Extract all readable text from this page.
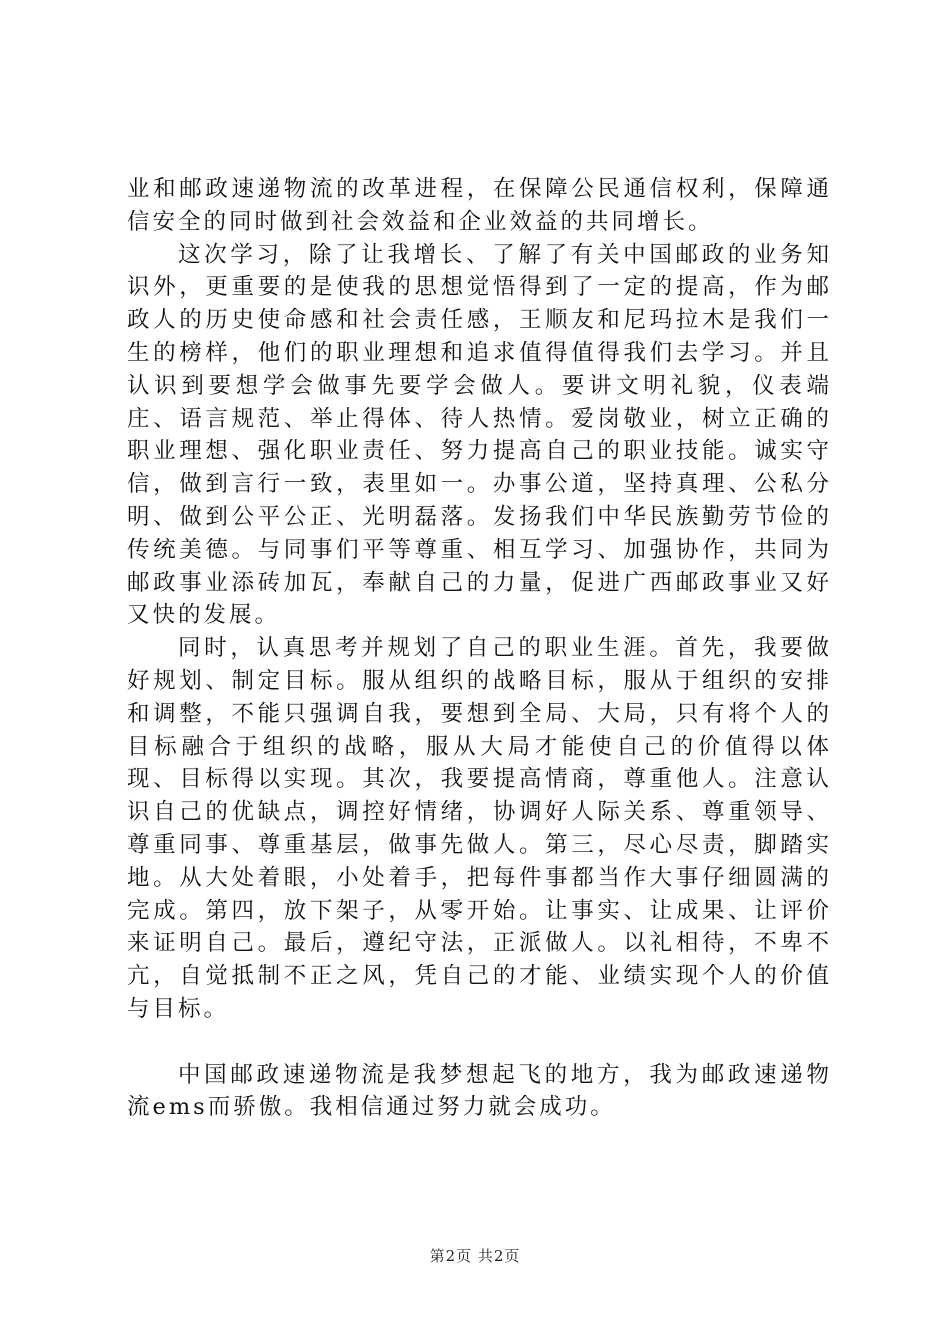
业和邮政速递物流的改革进程，在保障公民通信权利，保障通信安全的同时做到社会效益和企业效益的共同增长。

这次学习，除了让我增长、了解了有关中国邮政的业务知识外，更重要的是使我的思想觉悟得到了一定的提高，作为邮政人的历史使命感和社会责任感，王顺友和尼玛拉木是我们一生的榜样，他们的职业理想和追求值得值得我们去学习。并且认识到要想学会做事先要学会做人。要讲文明礼貌，仪表端庄、语言规范、举止得体、待人热情。爱岗敬业，树立正确的职业理想、强化职业责任、努力提高自己的职业技能。诚实守信，做到言行一致，表里如一。办事公道，坚持真理、公私分明、做到公平公正、光明磊落。发扬我们中华民族勤劳节俭的传统美德。与同事们平等尊重、相互学习、加强协作，共同为邮政事业添砖加瓦，奉献自己的力量，促进广西邮政事业又好又快的发展。

同时，认真思考并规划了自己的职业生涯。首先，我要做好规划、制定目标。服从组织的战略目标，服从于组织的安排和调整，不能只强调自我，要想到全局、大局，只有将个人的目标融合于组织的战略，服从大局才能使自己的价值得以体现、目标得以实现。其次，我要提高情商，尊重他人。注意认识自己的优缺点，调控好情绪，协调好人际关系、尊重领导、尊重同事、尊重基层，做事先做人。第三，尽心尽责，脚踏实地。从大处着眼，小处着手，把每件事都当作大事仔细圆满的完成。第四，放下架子，从零开始。让事实、让成果、让评价来证明自己。最后，遵纪守法，正派做人。以礼相待，不卑不亢，自觉抵制不正之风，凭自己的才能、业绩实现个人的价值与目标。

中国邮政速递物流是我梦想起飞的地方，我为邮政速递物流ems而骄傲。我相信通过努力就会成功。

第2页 共2页
